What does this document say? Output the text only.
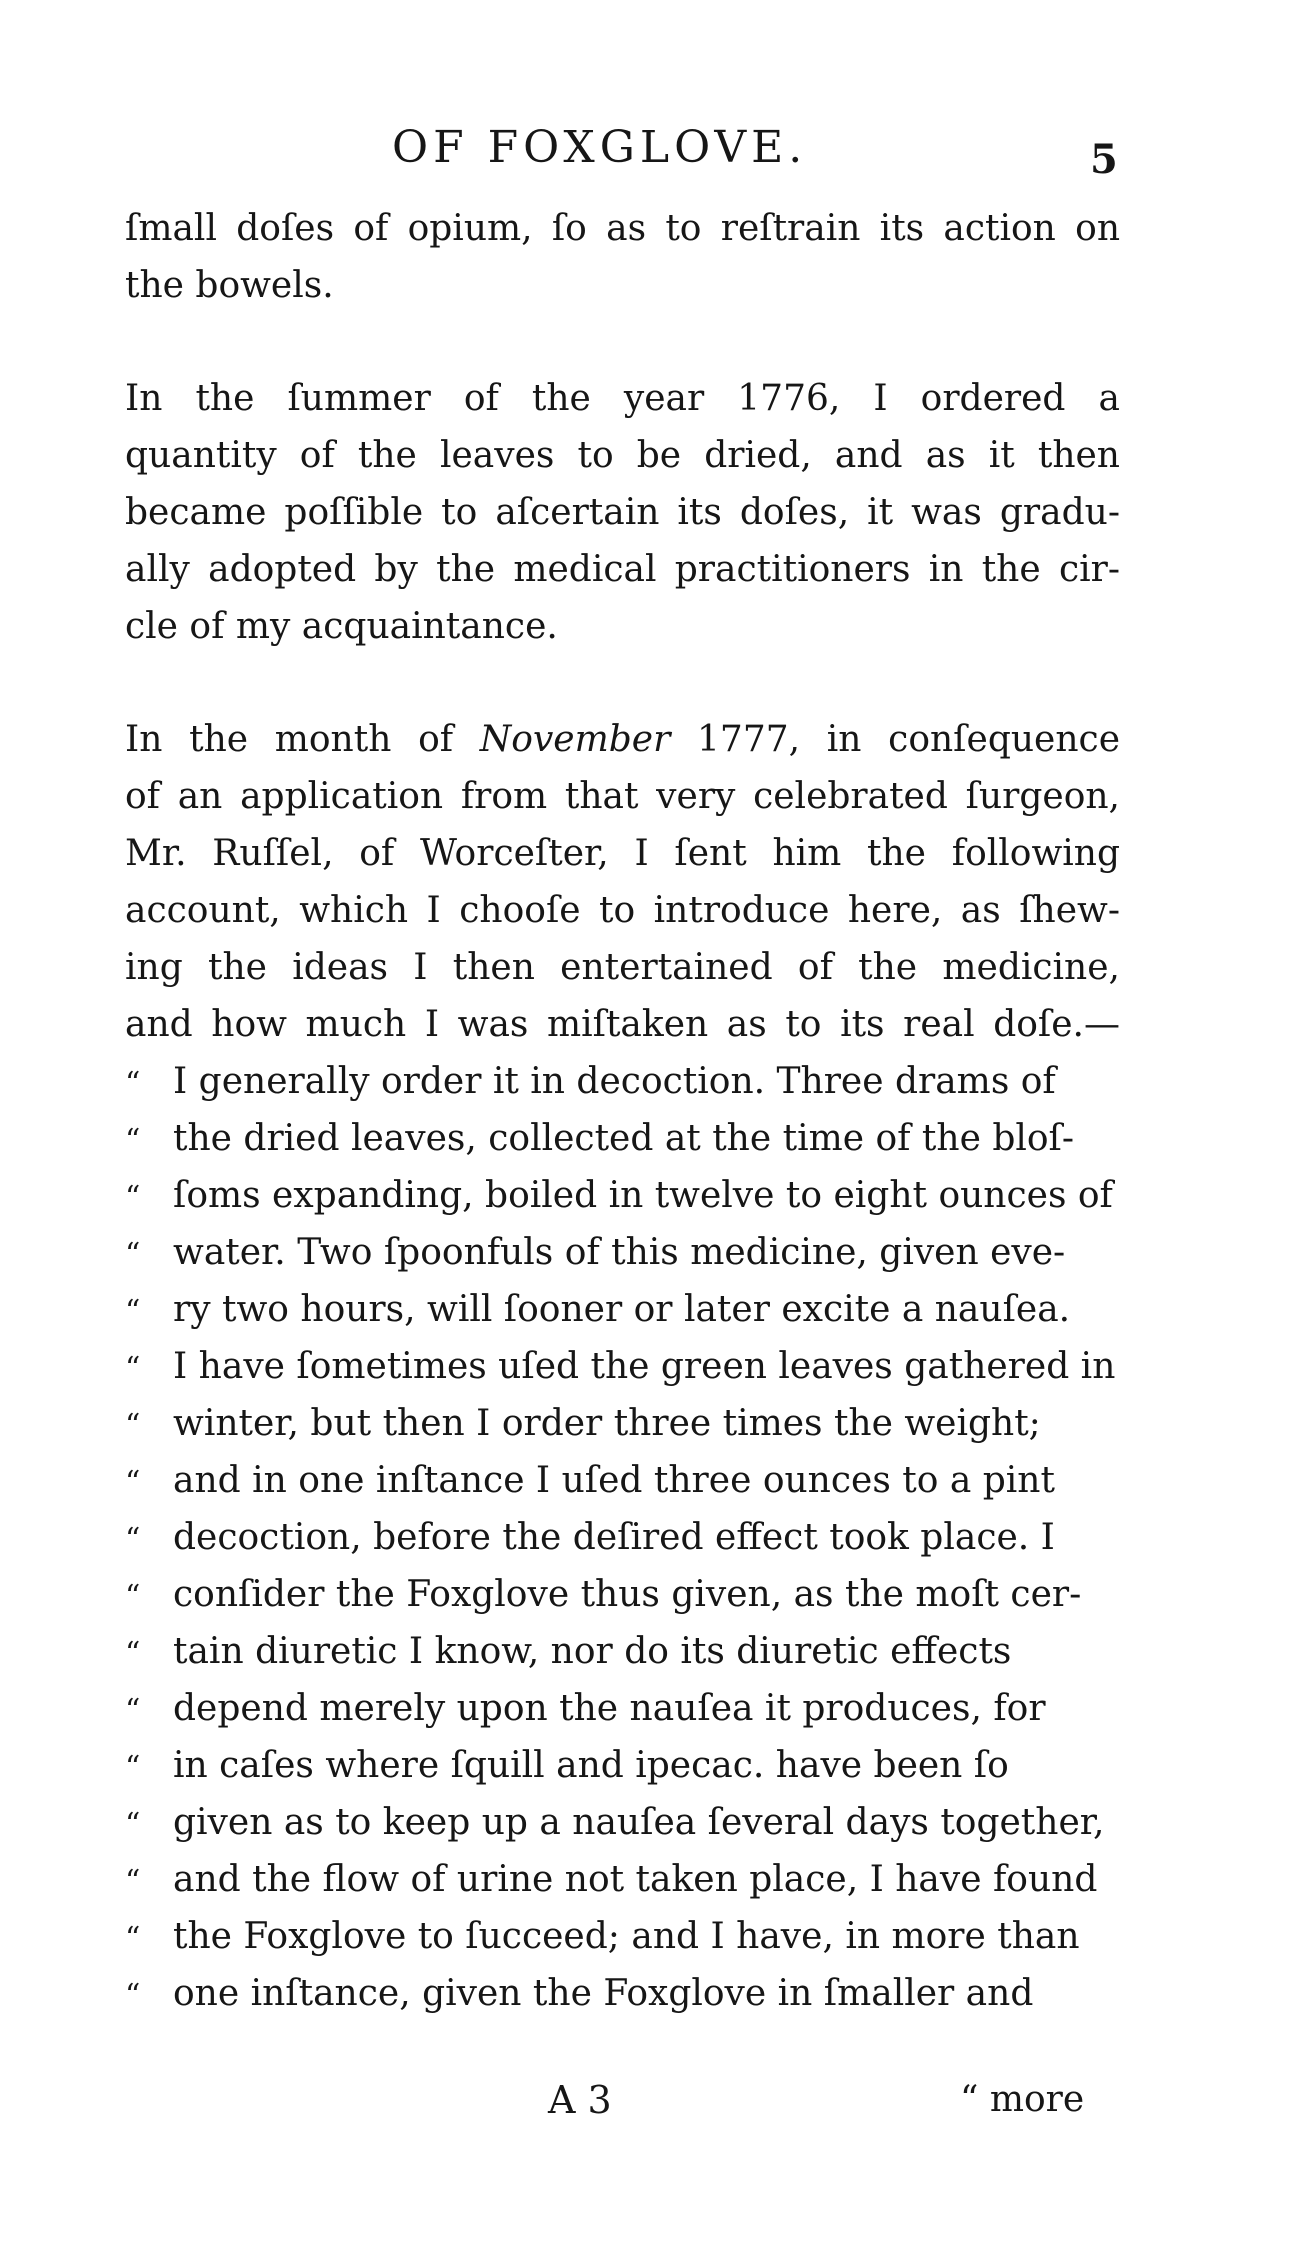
OF FOXGLOVE.	5
ſmall doſes of opium, ſo as to reſtrain its action on
the bowels.
In the ſummer of the year 1776, I ordered a
quantity of the leaves to be dried, and as it then
became poſſible to aſcertain its doſes, it was gradu-
ally adopted by the medical practitioners in the cir-
cle of my acquaintance.
In the month of November 1777, in conſequence
of an application from that very celebrated ſurgeon,
Mr. Ruſſel, of Worceſter, I ſent him the following
account, which I chooſe to introduce here, as ſhew-
ing the ideas I then entertained of the medicine,
and how much I was miſtaken as to its real doſe.—
“ I generally order it in decoction. Three drams of
“ the dried leaves, collected at the time of the bloſ-
“ ſoms expanding, boiled in twelve to eight ounces of
“ water. Two ſpoonfuls of this medicine, given eve-
“ ry two hours, will ſooner or later excite a nauſea.
“ I have ſometimes uſed the green leaves gathered in
“ winter, but then I order three times the weight;
“ and in one inſtance I uſed three ounces to a pint
“ decoction, before the deſired effect took place. I
“ conſider the Foxglove thus given, as the moſt cer-
“ tain diuretic I know, nor do its diuretic effects
“ depend merely upon the nauſea it produces, for
“ in caſes where ſquill and ipecac. have been ſo
“ given as to keep up a nauſea ſeveral days together,
“ and the flow of urine not taken place, I have found
“ the Foxglove to ſucceed; and I have, in more than
“ one inſtance, given the Foxglove in ſmaller and
A 3	“ more
